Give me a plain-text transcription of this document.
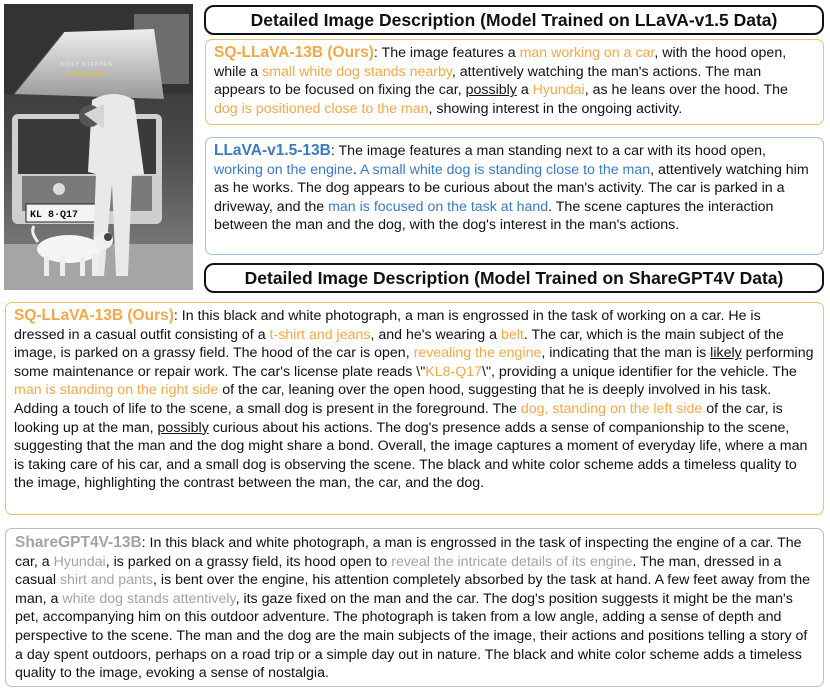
KL 8·Q17
NIKKY STEPHEN
photography
Detailed Image Description (Model Trained on LLaVA-v1.5 Data)
SQ-LLaVA-13B (Ours): The image features a man working on a car, with the hood open, while a small white dog stands nearby, attentively watching the man's actions. The man appears to be focused on fixing the car, possibly a Hyundai, as he leans over the hood. The dog is positioned close to the man, showing interest in the ongoing activity.
LLaVA-v1.5-13B: The image features a man standing next to a car with its hood open, working on the engine. A small white dog is standing close to the man, attentively watching him as he works. The dog appears to be curious about the man's activity. The car is parked in a driveway, and the man is focused on the task at hand. The scene captures the interaction between the man and the dog, with the dog's interest in the man's actions.
Detailed Image Description (Model Trained on ShareGPT4V Data)
SQ-LLaVA-13B (Ours): In this black and white photograph, a man is engrossed in the task of working on a car. He is dressed in a casual outfit consisting of a t-shirt and jeans, and he's wearing a belt. The car, which is the main subject of the image, is parked on a grassy field. The hood of the car is open, revealing the engine, indicating that the man is likely performing some maintenance or repair work. The car's license plate reads \"KL8-Q17\", providing a unique identifier for the vehicle. The man is standing on the right side of the car, leaning over the open hood, suggesting that he is deeply involved in his task. Adding a touch of life to the scene, a small dog is present in the foreground. The dog, standing on the left side of the car, is looking up at the man, possibly curious about his actions. The dog's presence adds a sense of companionship to the scene, suggesting that the man and the dog might share a bond. Overall, the image captures a moment of everyday life, where a man is taking care of his car, and a small dog is observing the scene. The black and white color scheme adds a timeless quality to the image, highlighting the contrast between the man, the car, and the dog.
ShareGPT4V-13B: In this black and white photograph, a man is engrossed in the task of inspecting the engine of a car. The car, a Hyundai, is parked on a grassy field, its hood open to reveal the intricate details of its engine. The man, dressed in a casual shirt and pants, is bent over the engine, his attention completely absorbed by the task at hand. A few feet away from the man, a white dog stands attentively, its gaze fixed on the man and the car. The dog's position suggests it might be the man's pet, accompanying him on this outdoor adventure. The photograph is taken from a low angle, adding a sense of depth and perspective to the scene. The man and the dog are the main subjects of the image, their actions and positions telling a story of a day spent outdoors, perhaps on a road trip or a simple day out in nature. The black and white color scheme adds a timeless quality to the image, evoking a sense of nostalgia.
